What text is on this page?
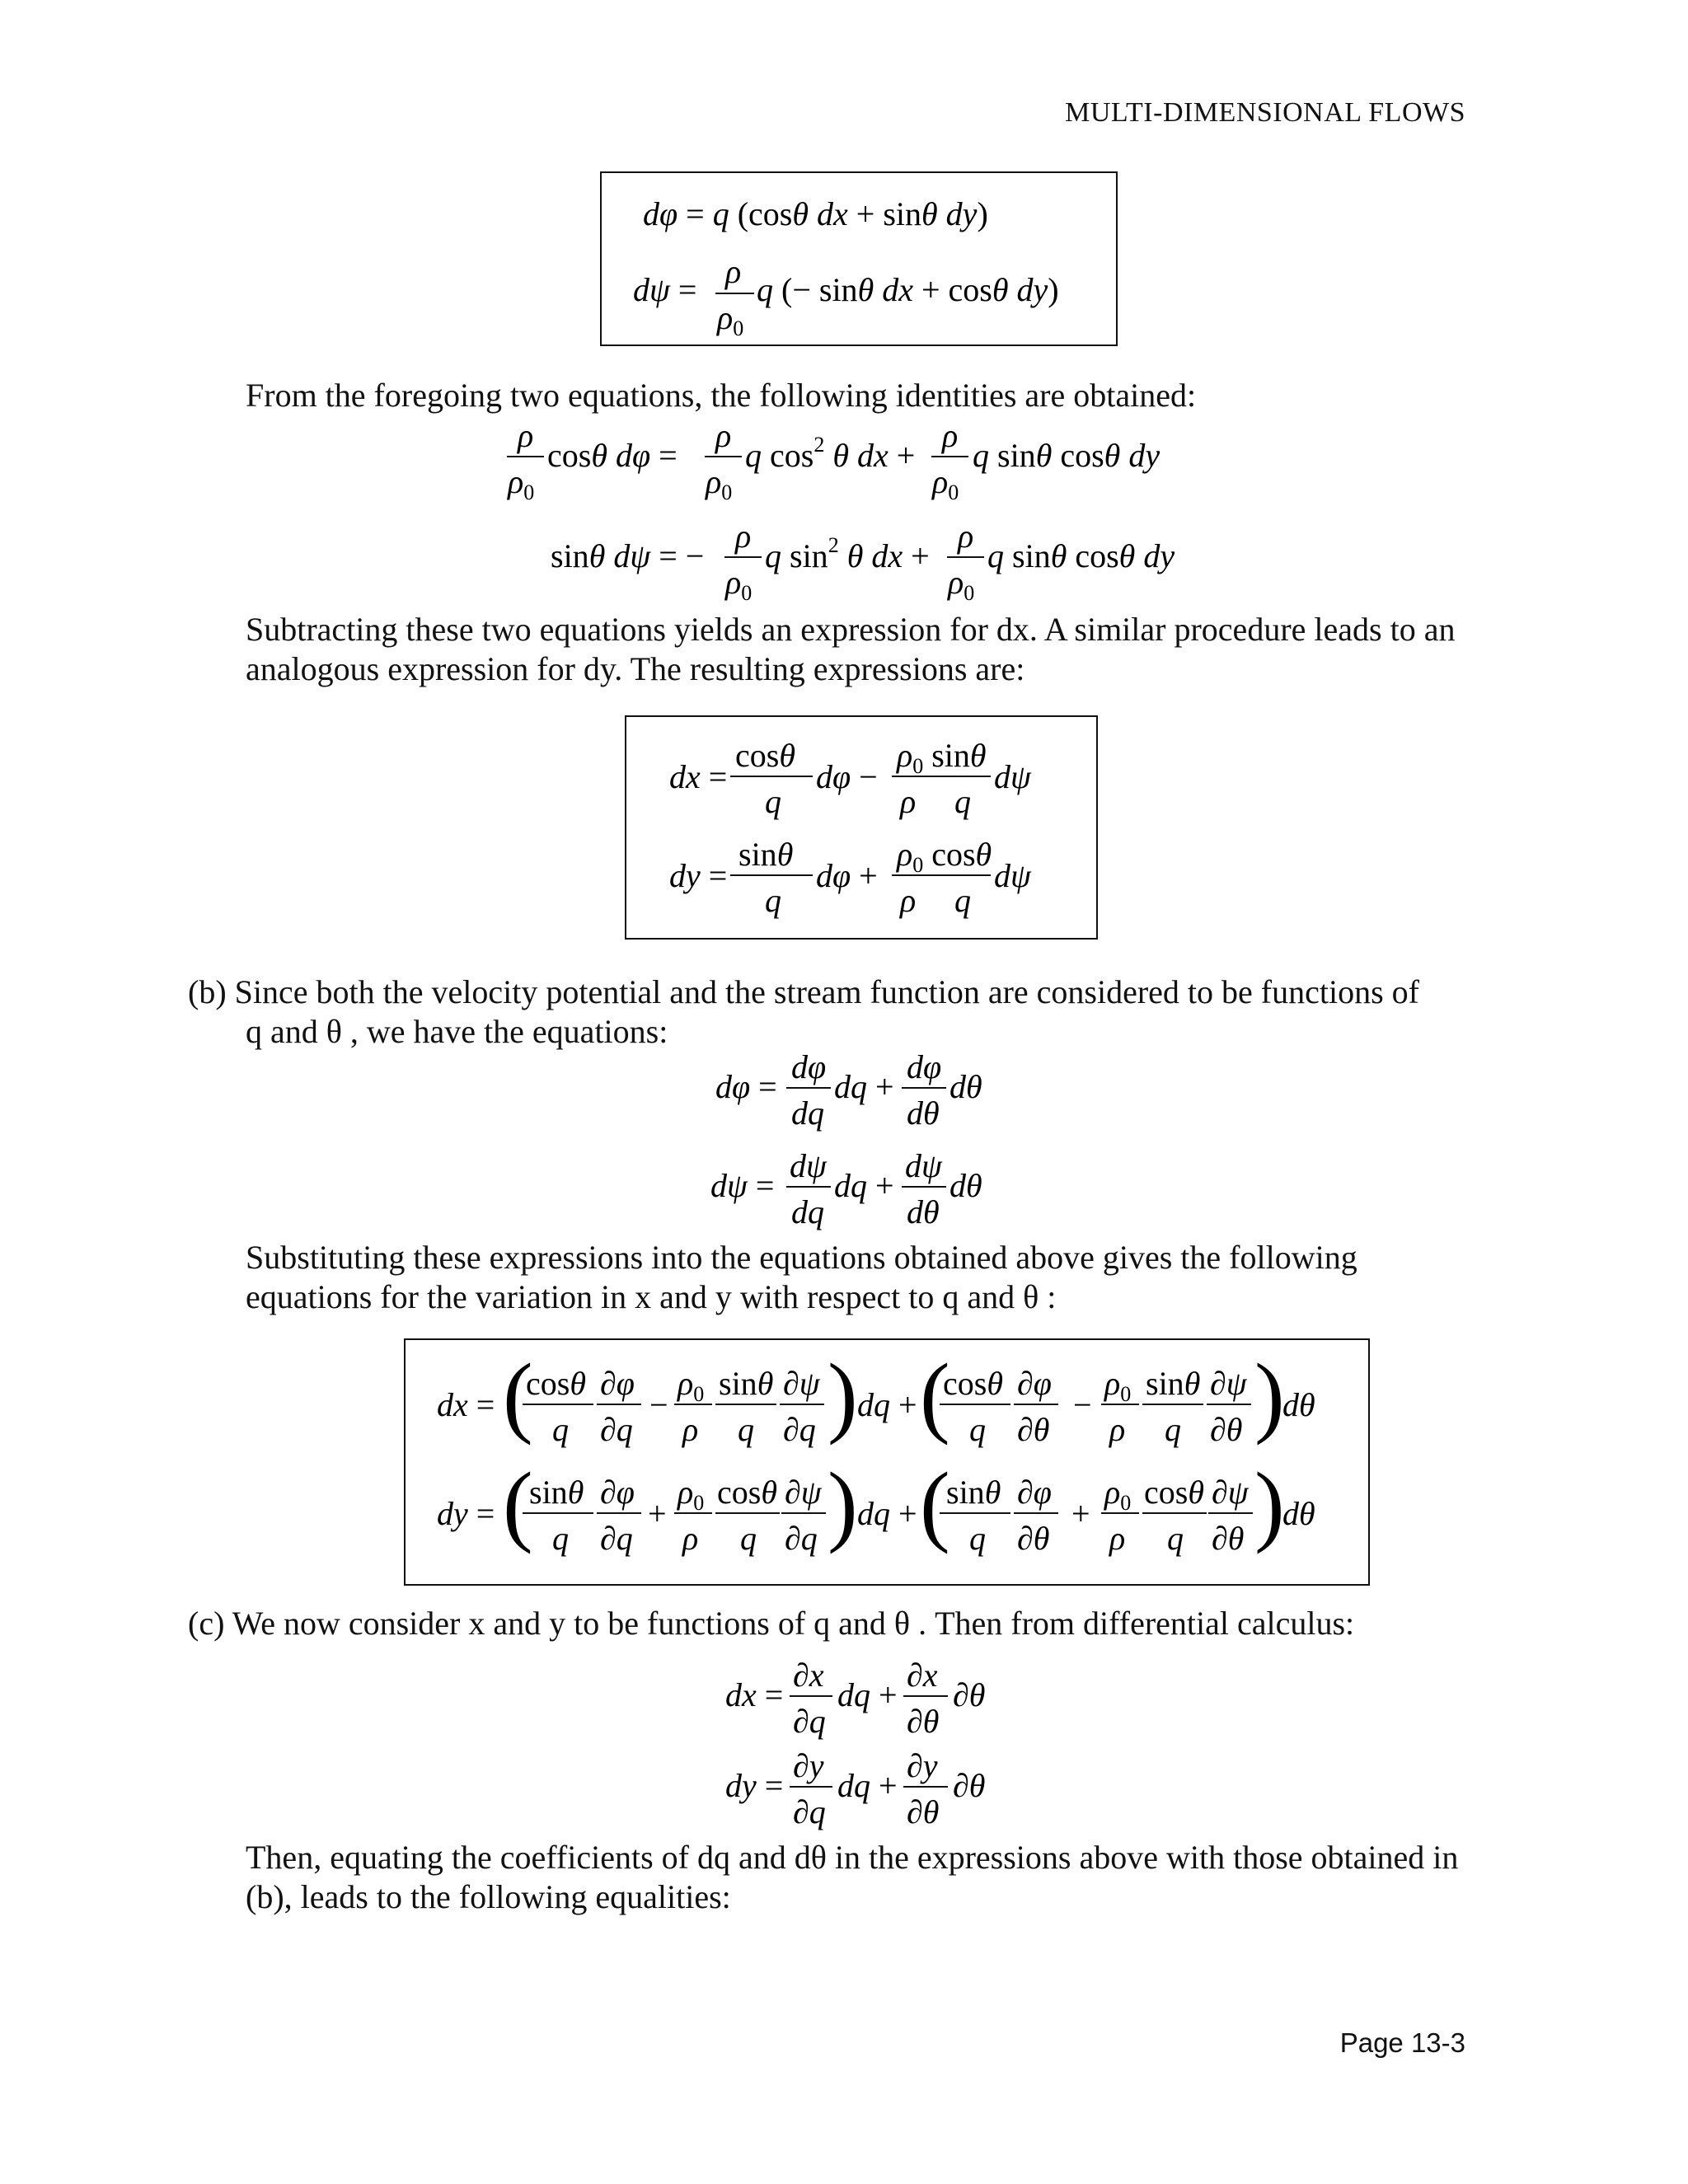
MULTI-DIMENSIONAL FLOWS
dφ = q (cosθ dx + sinθ dy)
dψ = ρ
$\rho_0$
q (− sinθ dx + cosθ dy)
From the foregoing two equations, the following identities are obtained:
ρ
$\rho_0$
cosθ dφ =
ρ
$\rho_0$
q $\cos^2 \theta$ dx +
ρ
$\rho_0$
q sinθ cosθ dy
sinθ dψ = −
ρ
$\rho_0$
q $\sin^2 \theta$ dx +
ρ
$\rho_0$
q sinθ cosθ dy
Subtracting these two equations yields an expression for dx. A similar procedure leads to an analogous expression for dy. The resulting expressions are:
dx =
cosθ
q
dφ −
$\rho_0$ sinθ
ρ q
dψ
dy =
sinθ
q
dφ +
$\rho_0$ cosθ
ρ q
dψ
(b) Since both the velocity potential and the stream function are considered to be functions of
q and θ , we have the equations:
dφ =
dφ
dq
dq +
dφ
dθ
dθ
dψ =
dψ
dq
dq +
dψ
dθ
dθ
Substituting these expressions into the equations obtained above gives the following equations for the variation in x and y with respect to q and θ :
dx = (
cosθ
q
∂φ
∂q
−
$\rho_0$
ρ
sinθ
q
∂ψ
∂q ) dq + (
cosθ
q
∂φ
∂θ
−
$\rho_0$
ρ
sinθ
q
∂ψ
∂θ )
dθ
dy = (
sinθ
q
∂φ
∂q
+
$\rho_0$
ρ
cosθ
q
∂ψ
∂q ) dq + (
sinθ
q
∂φ
∂θ
+
$\rho_0$
ρ
cosθ
q
∂ψ
∂θ )
dθ
(c) We now consider x and y to be functions of q and θ . Then from differential calculus:
dx =
∂x
∂q
dq +
∂x
∂θ
∂θ
dy =
∂y
∂q
dq +
∂y
∂θ
∂θ
Then, equating the coefficients of dq and dθ in the expressions above with those obtained in (b), leads to the following equalities:
Page 13-3
